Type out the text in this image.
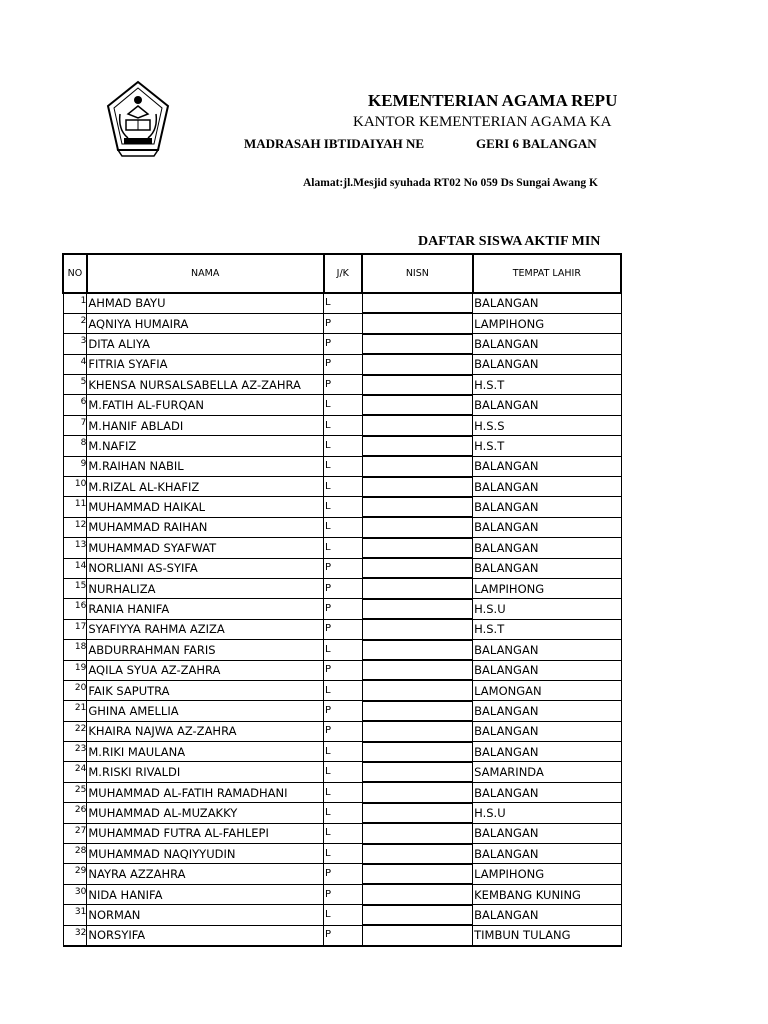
KEMENTERIAN AGAMA REPU
KANTOR KEMENTERIAN AGAMA KA
MADRASAH IBTIDAIYAH NE	GERI 6 BALANGAN
Alamat:jl.Mesjid syuhada RT02 No 059 Ds Sungai Awang K
DAFTAR SISWA AKTIF MIN
NO	NAMA	J/K	NISN	TEMPAT LAHIR
1	AHMAD BAYU	L		BALANGAN
2	AQNIYA HUMAIRA	P		LAMPIHONG
3	DITA ALIYA	P		BALANGAN
4	FITRIA SYAFIA	P		BALANGAN
5	KHENSA NURSALSABELLA AZ-ZAHRA	P		H.S.T
6	M.FATIH AL-FURQAN	L		BALANGAN
7	M.HANIF ABLADI	L		H.S.S
8	M.NAFIZ	L		H.S.T
9	M.RAIHAN NABIL	L		BALANGAN
10	M.RIZAL AL-KHAFIZ	L		BALANGAN
11	MUHAMMAD HAIKAL	L		BALANGAN
12	MUHAMMAD RAIHAN	L		BALANGAN
13	MUHAMMAD SYAFWAT	L		BALANGAN
14	NORLIANI AS-SYIFA	P		BALANGAN
15	NURHALIZA	P		LAMPIHONG
16	RANIA HANIFA	P		H.S.U
17	SYAFIYYA RAHMA AZIZA	P		H.S.T
18	ABDURRAHMAN FARIS	L		BALANGAN
19	AQILA SYUA AZ-ZAHRA	P		BALANGAN
20	FAIK SAPUTRA	L		LAMONGAN
21	GHINA AMELLIA	P		BALANGAN
22	KHAIRA NAJWA AZ-ZAHRA	P		BALANGAN
23	M.RIKI MAULANA	L		BALANGAN
24	M.RISKI RIVALDI	L		SAMARINDA
25	MUHAMMAD AL-FATIH RAMADHANI	L		BALANGAN
26	MUHAMMAD AL-MUZAKKY	L		H.S.U
27	MUHAMMAD FUTRA AL-FAHLEPI	L		BALANGAN
28	MUHAMMAD NAQIYYUDIN	L		BALANGAN
29	NAYRA AZZAHRA	P		LAMPIHONG
30	NIDA HANIFA	P		KEMBANG KUNING
31	NORMAN	L		BALANGAN
32	NORSYIFA	P		TIMBUN TULANG
